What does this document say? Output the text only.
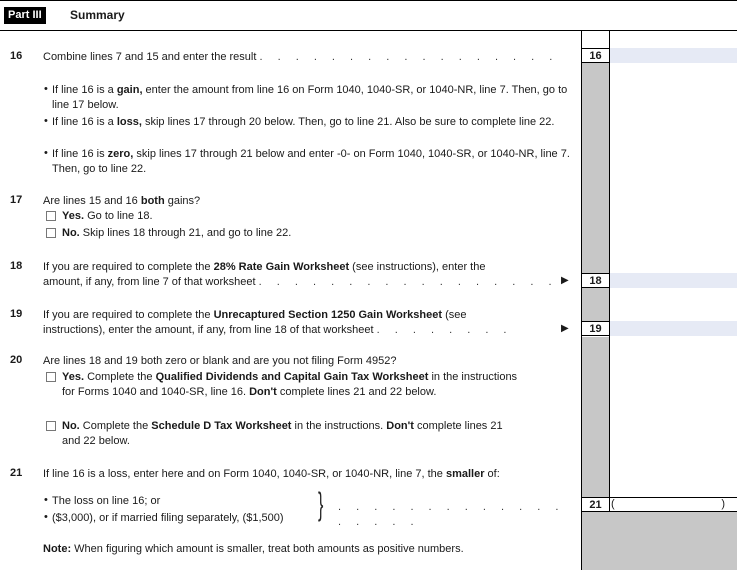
Part III	Summary
16 Combine lines 7 and 15 and enter the result . . . . . . . . . . . . . . . . .	16
• If line 16 is a gain, enter the amount from line 16 on Form 1040, 1040-SR, or 1040-NR, line 7. Then, go to line 17 below.
• If line 16 is a loss, skip lines 17 through 20 below. Then, go to line 21. Also be sure to complete line 22.
• If line 16 is zero, skip lines 17 through 21 below and enter -0- on Form 1040, 1040-SR, or 1040-NR, line 7. Then, go to line 22.
17 Are lines 15 and 16 both gains?
Yes. Go to line 18.
No. Skip lines 18 through 21, and go to line 22.
18 If you are required to complete the 28% Rate Gain Worksheet (see instructions), enter the
amount, if any, from line 7 of that worksheet . . . . . . . . . . . . . . . . . ▶	18
19 If you are required to complete the Unrecaptured Section 1250 Gain Worksheet (see
instructions), enter the amount, if any, from line 18 of that worksheet . . . . . . . .	▶	19
20 Are lines 18 and 19 both zero or blank and are you not filing Form 4952?
Yes. Complete the Qualified Dividends and Capital Gain Tax Worksheet in the instructions
for Forms 1040 and 1040-SR, line 16. Don't complete lines 21 and 22 below.
No. Complete the Schedule D Tax Worksheet in the instructions. Don't complete lines 21
and 22 below.
21 If line 16 is a loss, enter here and on Form 1040, 1040-SR, or 1040-NR, line 7, the smaller of:
• The loss on line 16; or
• ($3,000), or if married filing separately, ($1,500)	} . . . . . . . . . . . . . . . . . .
21 (	)
Note: When figuring which amount is smaller, treat both amounts as positive numbers.
